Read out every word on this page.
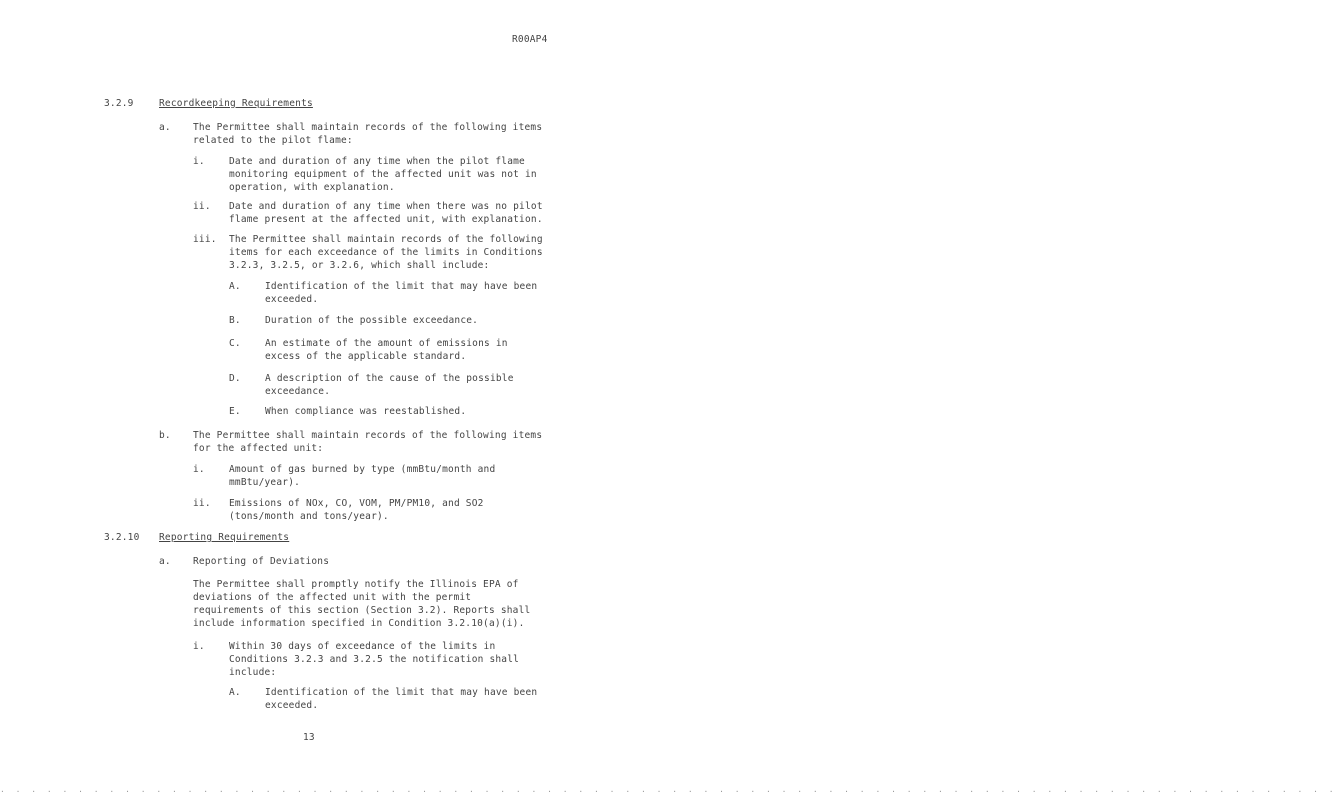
R00AP4

3.2.9	Recordkeeping Requirements

a. The Permittee shall maintain records of the following items

related to the pilot flame:

i.	Date and duration of any time when the pilot flame

monitoring equipment of the affected unit was not in

operation, with explanation.

ii. Date and duration of any time when there was no pilot

flame present at the affected unit, with explanation.

iii. The Permittee shall maintain records of the following

items for each exceedance of the limits in Conditions

3.2.3, 3.2.5, or 3.2.6, which shall include:

A.	Identification of the limit that may have been

exceeded.

B.	Duration of the possible exceedance.

C.	An estimate of the amount of emissions in

excess of the applicable standard.

D.	A description of the cause of the possible

exceedance.

E.	When compliance was reestablished.

b. The Permittee shall maintain records of the following items

for the affected unit:

i.	Amount of gas burned by type (mmBtu/month and

mmBtu/year).

ii. Emissions of NOx, CO, VOM, PM/PM10, and SO2

(tons/month and tons/year).

3.2.10 Reporting Requirements

a. Reporting of Deviations

The Permittee shall promptly notify the Illinois EPA of

deviations of the affected unit with the permit

requirements of this section (Section 3.2). Reports shall

include information specified in Condition 3.2.10(a)(i).

i.	Within 30 days of exceedance of the limits in

Conditions 3.2.3 and 3.2.5 the notification shall

include:

A.	Identification of the limit that may have been

exceeded.

13

· · · · · · · · · · · · · · · · · · · · · · · · · · · · · · · · · · · · · · · · · · · · · · · · · · · · · · · · · · · · · · · · · · · · · · · · · · · · · · · · · · · · · ·
